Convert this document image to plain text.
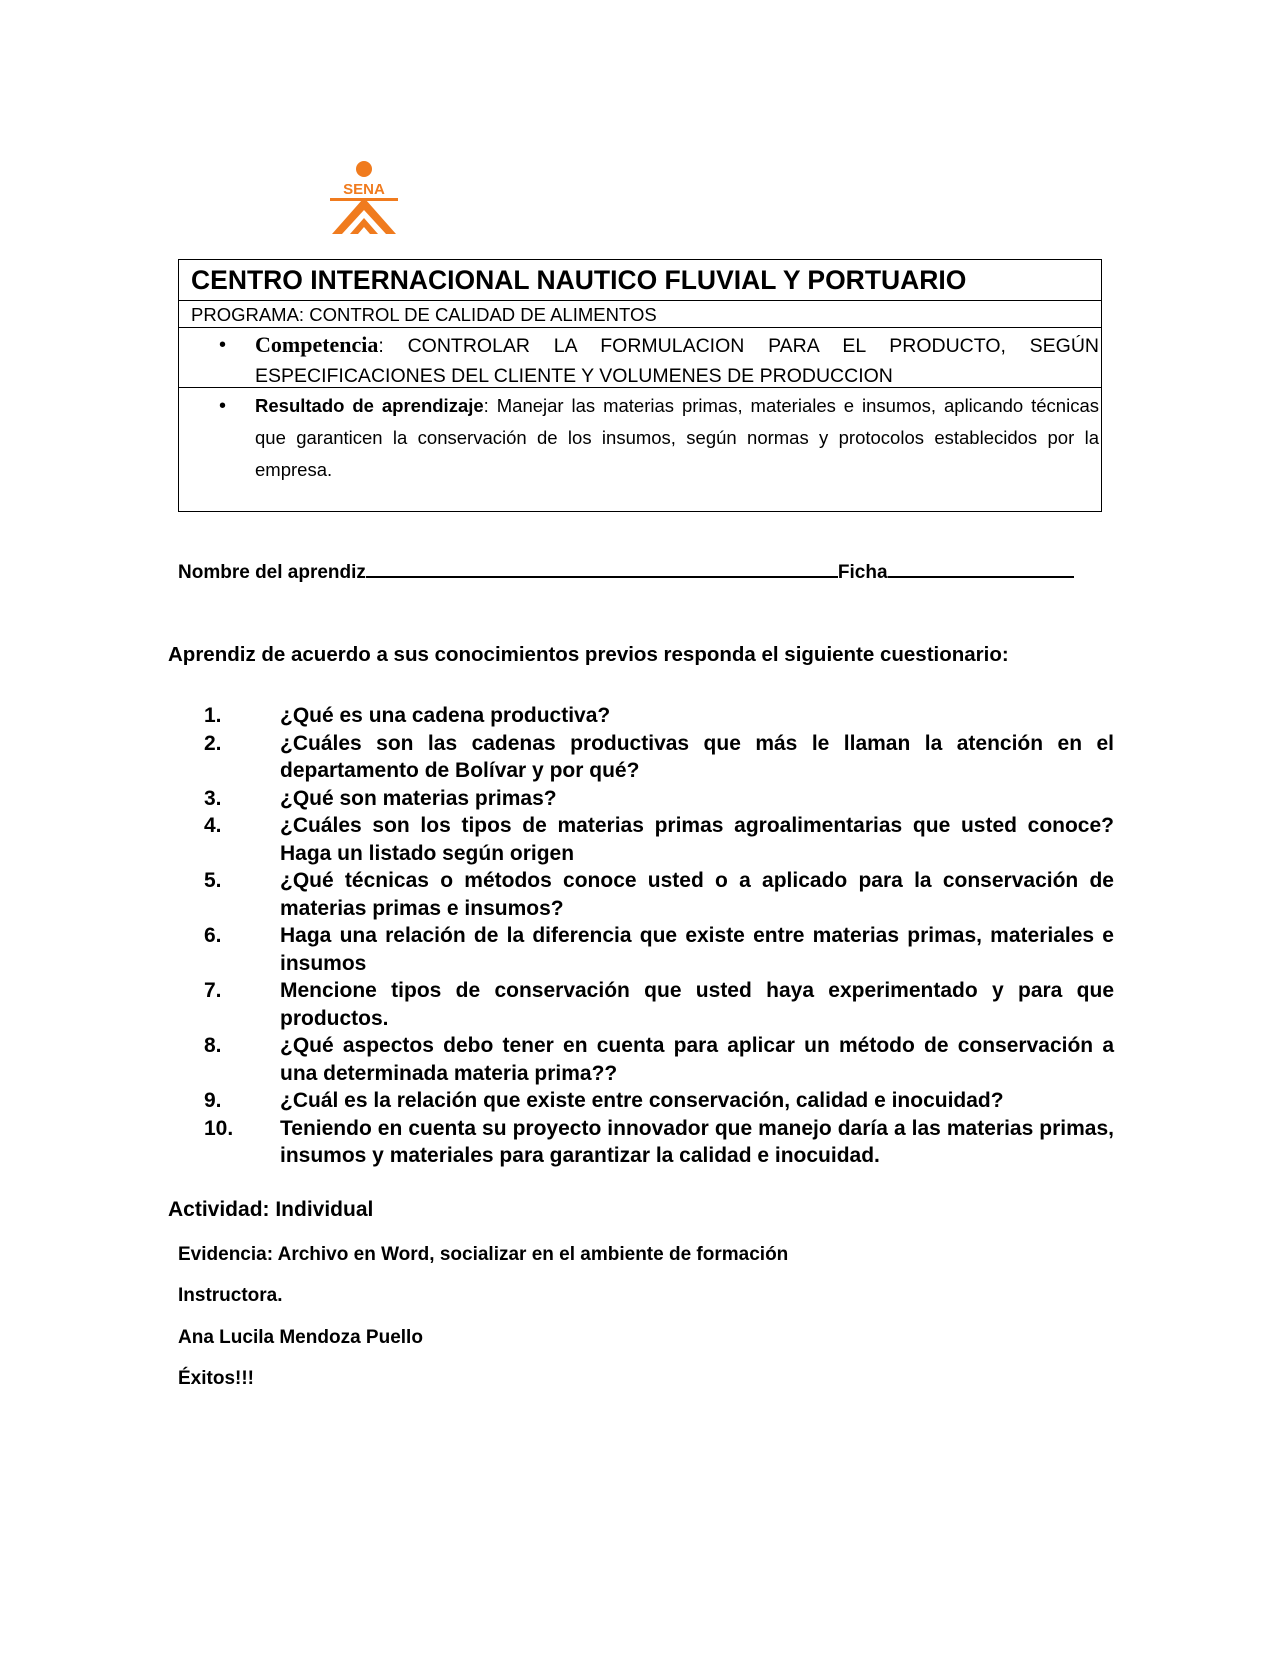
SENA
CENTRO INTERNACIONAL NAUTICO FLUVIAL Y PORTUARIO
PROGRAMA: CONTROL DE CALIDAD DE ALIMENTOS
• Competencia: CONTROLAR LA FORMULACION PARA EL PRODUCTO, SEGÚN ESPECIFICACIONES DEL CLIENTE Y VOLUMENES DE PRODUCCION
• Resultado de aprendizaje: Manejar las materias primas, materiales e insumos, aplicando técnicas que garanticen la conservación de los insumos, según normas y protocolos establecidos por la empresa.
Nombre del aprendiz	Ficha
Aprendiz de acuerdo a sus conocimientos previos responda el siguiente cuestionario:
1.	¿Qué es una cadena productiva?
2.	¿Cuáles son las cadenas productivas que más le llaman la atención en el departamento de Bolívar y por qué?
3.	¿Qué son materias primas?
4.	¿Cuáles son los tipos de materias primas agroalimentarias que usted conoce? Haga un listado según origen
5.	¿Qué técnicas o métodos conoce usted o a aplicado para la conservación de materias primas e insumos?
6.	Haga una relación de la diferencia que existe entre materias primas, materiales e insumos
7.	Mencione tipos de conservación que usted haya experimentado y para que productos.
8.	¿Qué aspectos debo tener en cuenta para aplicar un método de conservación a una determinada materia prima??
9.	¿Cuál es la relación que existe entre conservación, calidad e inocuidad?
10. Teniendo en cuenta su proyecto innovador que manejo daría a las materias primas, insumos y materiales para garantizar la calidad e inocuidad.
Actividad: Individual
Evidencia: Archivo en Word, socializar en el ambiente de formación
Instructora.
Ana Lucila Mendoza Puello
Éxitos!!!
